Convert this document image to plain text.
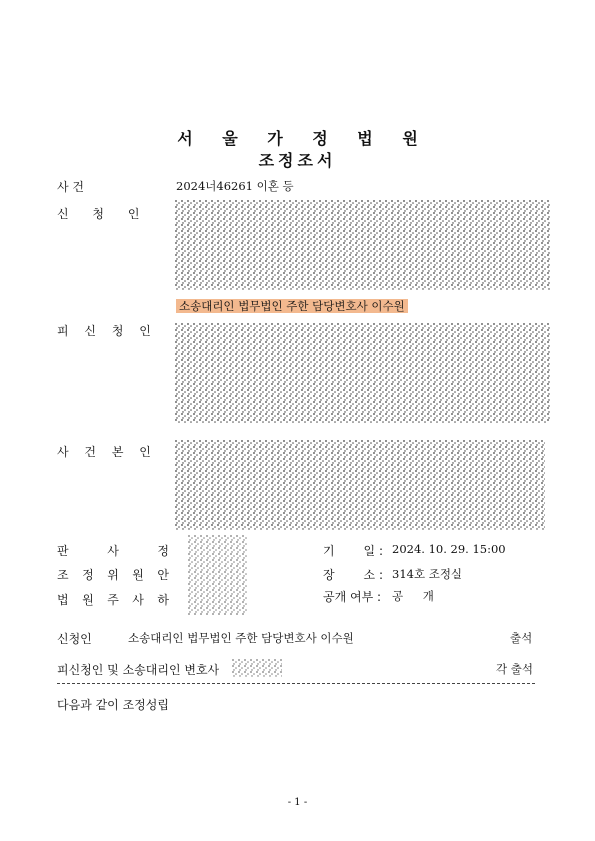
서 울 가 정 법 원
조정조서
사 건	2024너46261 이혼 등
신 청 인
소송대리인 법무법인 주한 담당변호사 이수원
피 신 청 인
사 건 본 인
판	사	정
조 정 위 원 안
법 원 주 사 하
기 일 : 2024. 10. 29. 15:00
장 소 : 314호 조정실
공개 여부 : 공 개
신청인	소송대리인 법무법인 주한 담당변호사 이수원	출석
피신청인 및 소송대리인 변호사	각 출석
다음과 같이 조정성립
- 1 -
